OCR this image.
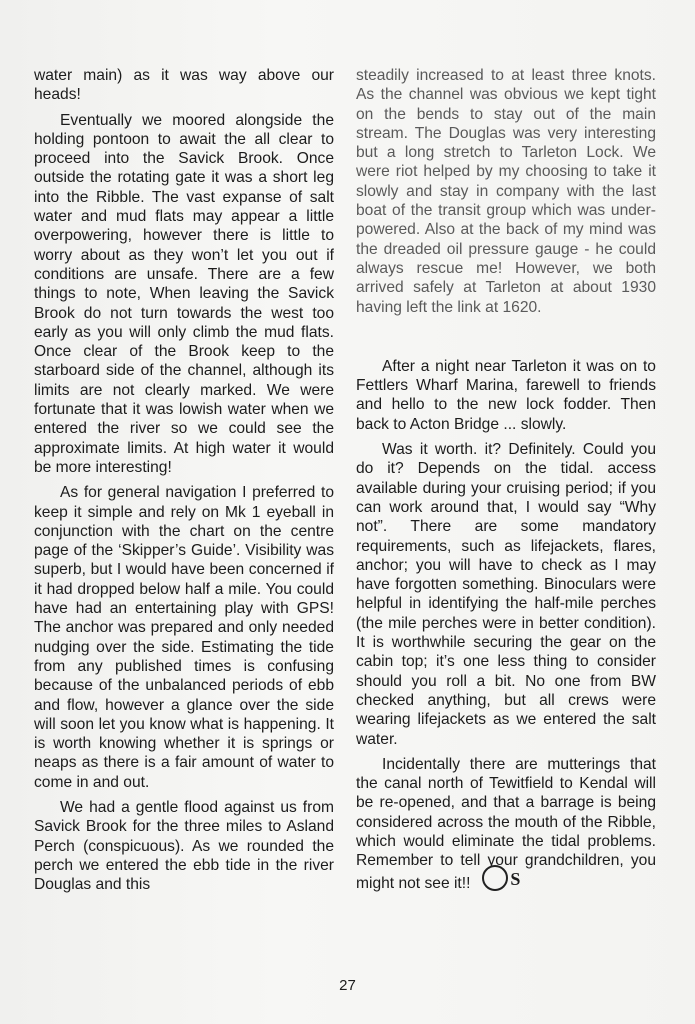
water main) as it was way above our heads!

Eventually we moored alongside the holding pontoon to await the all clear to proceed into the Savick Brook. Once outside the rotating gate it was a short leg into the Ribble. The vast expanse of salt water and mud flats may appear a little overpowering, however there is little to worry about as they won’t let you out if conditions are unsafe. There are a few things to note, When leaving the Savick Brook do not turn towards the west too early as you will only climb the mud flats. Once clear of the Brook keep to the starboard side of the channel, although its limits are not clearly marked. We were fortunate that it was lowish water when we entered the river so we could see the approximate limits. At high water it would be more interesting!

As for general navigation I preferred to keep it simple and rely on Mk 1 eyeball in conjunction with the chart on the centre page of the ‘Skipper’s Guide’. Visibility was superb, but I would have been concerned if it had dropped below half a mile. You could have had an entertaining play with GPS! The anchor was prepared and only needed nudging over the side. Estimating the tide from any published times is confusing because of the unbalanced periods of ebb and flow, however a glance over the side will soon let you know what is happening. It is worth knowing whether it is springs or neaps as there is a fair amount of water to come in and out.

We had a gentle flood against us from Savick Brook for the three miles to Asland Perch (conspicuous). As we rounded the perch we entered the ebb tide in the river Douglas and this

steadily increased to at least three knots. As the channel was obvious we kept tight on the bends to stay out of the main stream. The Douglas was very interesting but a long stretch to Tarleton Lock. We were riot helped by my choosing to take it slowly and stay in company with the last boat of the transit group which was under-powered. Also at the back of my mind was the dreaded oil pressure gauge - he could always rescue me! However, we both arrived safely at Tarleton at about 1930 having left the link at 1620.

After a night near Tarleton it was on to Fettlers Wharf Marina, farewell to friends and hello to the new lock fodder. Then back to Acton Bridge ... slowly.

Was it worth. it? Definitely. Could you do it? Depends on the tidal. access available during your cruising period; if you can work around that, I would say “Why not”. There are some mandatory requirements, such as lifejackets, flares, anchor; you will have to check as I may have forgotten something. Binoculars were helpful in identifying the half-mile perches (the mile perches were in better condition). It is worthwhile securing the gear on the cabin top; it’s one less thing to consider should you roll a bit. No one from BW checked anything, but all crews were wearing lifejackets as we entered the salt water.

Incidentally there are mutterings that the canal north of Tewitfield to Kendal will be re-opened, and that a barrage is being considered across the mouth of the Ribble, which would eliminate the tidal problems. Remember to tell your grandchildren, you might not see it!! S

27
